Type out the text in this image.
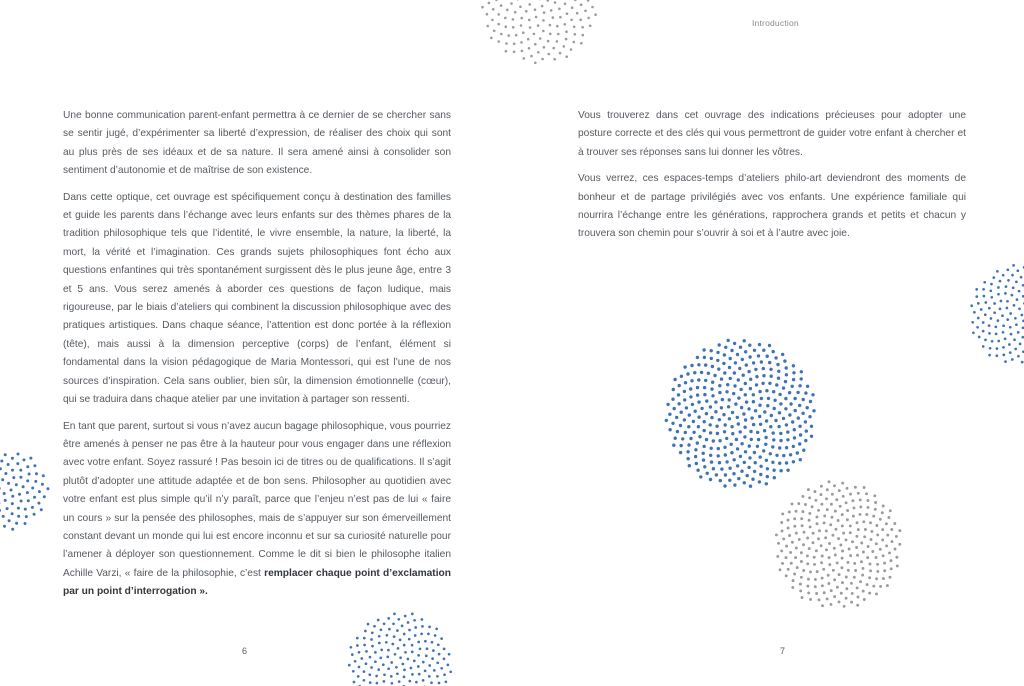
Introduction

Une bonne communication parent-enfant permettra à ce dernier de se chercher sans se sentir jugé, d’expérimenter sa liberté d’expression, de réaliser des choix qui sont au plus près de ses idéaux et de sa nature. Il sera amené ainsi à consolider son sentiment d’autonomie et de maîtrise de son existence.

Dans cette optique, cet ouvrage est spécifiquement conçu à destination des familles et guide les parents dans l’échange avec leurs enfants sur des thèmes phares de la tradition philosophique tels que l’identité, le vivre ensemble, la nature, la liberté, la mort, la vérité et l’imagination. Ces grands sujets philosophiques font écho aux questions enfantines qui très spontanément surgissent dès le plus jeune âge, entre 3 et 5 ans. Vous serez amenés à aborder ces questions de façon ludique, mais rigoureuse, par le biais d’ateliers qui combinent la discussion philosophique avec des pratiques artistiques. Dans chaque séance, l’attention est donc portée à la réflexion (tête), mais aussi à la dimension perceptive (corps) de l’enfant, élément si fondamental dans la vision pédagogique de Maria Montessori, qui est l’une de nos sources d’inspiration. Cela sans oublier, bien sûr, la dimension émotionnelle (cœur), qui se traduira dans chaque atelier par une invitation à partager son ressenti.

En tant que parent, surtout si vous n’avez aucun bagage philosophique, vous pourriez être amenés à penser ne pas être à la hauteur pour vous engager dans une réflexion avec votre enfant. Soyez rassuré ! Pas besoin ici de titres ou de qualifications. Il s’agit plutôt d’adopter une attitude adaptée et de bon sens. Philosopher au quotidien avec votre enfant est plus simple qu’il n’y paraît, parce que l’enjeu n’est pas de lui « faire un cours » sur la pensée des philosophes, mais de s’appuyer sur son émerveillement constant devant un monde qui lui est encore inconnu et sur sa curiosité naturelle pour l’amener à déployer son questionnement. Comme le dit si bien le philosophe italien Achille Varzi, « faire de la philosophie, c’est remplacer chaque point d’exclamation par un point d’interrogation ».

Vous trouverez dans cet ouvrage des indications précieuses pour adopter une posture correcte et des clés qui vous permettront de guider votre enfant à chercher et à trouver ses réponses sans lui donner les vôtres.

Vous verrez, ces espaces-temps d’ateliers philo-art deviendront des moments de bonheur et de partage privilégiés avec vos enfants. Une expérience familiale qui nourrira l’échange entre les générations, rapprochera grands et petits et chacun y trouvera son chemin pour s’ouvrir à soi et à l’autre avec joie.

6	7
